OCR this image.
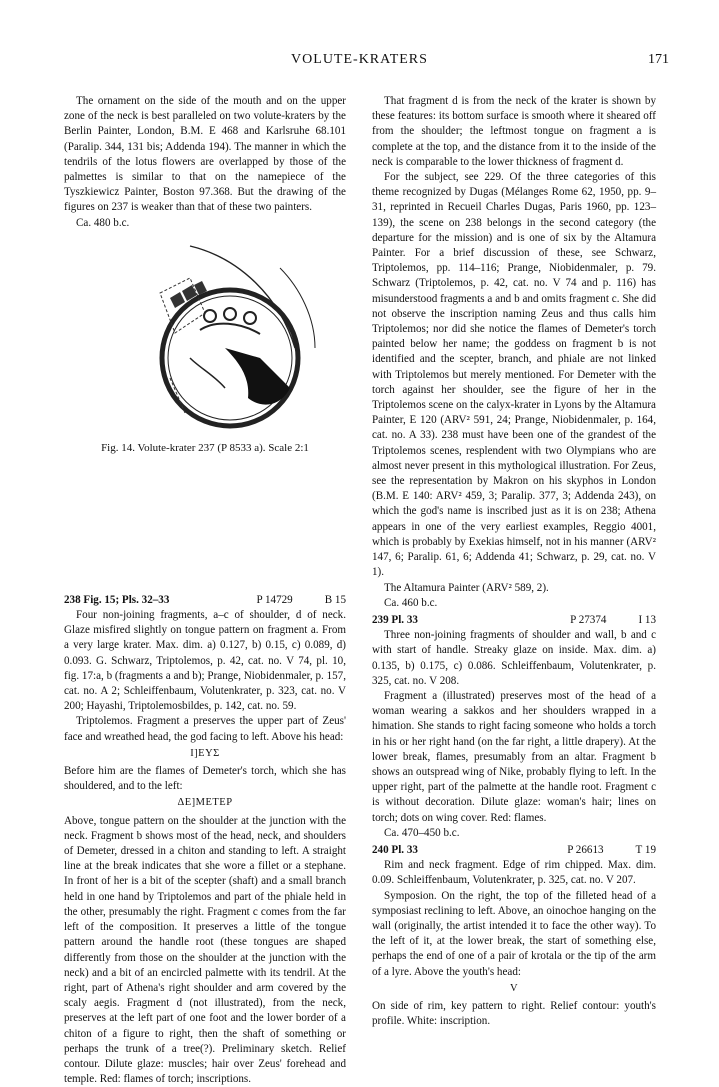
VOLUTE-KRATERS	171

The ornament on the side of the mouth and on the upper zone of the neck is best paralleled on two volute-kraters by the Berlin Painter, London, B.M. E 468 and Karlsruhe 68.101 (Paralip. 344, 131 bis; Addenda 194). The manner in which the tendrils of the lotus flowers are overlapped by those of the palmettes is similar to that on the namepiece of the Tyszkiewicz Painter, Boston 97.368. But the drawing of the figures on 237 is weaker than that of these two painters.

Ca. 480 b.c.

238 Fig. 15; Pls. 32–33	P 14729	B 15

Four non-joining fragments, a–c of shoulder, d of neck. Glaze misfired slightly on tongue pattern on fragment a. From a very large krater. Max. dim. a) 0.127, b) 0.15, c) 0.089, d) 0.093. G. Schwarz, Triptolemos, p. 42, cat. no. V 74, pl. 10, fig. 17:a, b (fragments a and b); Prange, Niobidenmaler, p. 157, cat. no. A 2; Schleiffenbaum, Volutenkrater, p. 323, cat. no. V 200; Hayashi, Triptolemosbildes, p. 142, cat. no. 59.

Triptolemos. Fragment a preserves the upper part of Zeus' face and wreathed head, the god facing to left. Above his head:

I]EYΣ

Before him are the flames of Demeter's torch, which she has shouldered, and to the left:

ΔE]METEP

Above, tongue pattern on the shoulder at the junction with the neck. Fragment b shows most of the head, neck, and shoulders of Demeter, dressed in a chiton and standing to left. A straight line at the break indicates that she wore a fillet or a stephane. In front of her is a bit of the scepter (shaft) and a small branch held in one hand by Triptolemos and part of the phiale held in the other, presumably the right. Fragment c comes from the far left of the composition. It preserves a little of the tongue pattern around the handle root (these tongues are shaped differently from those on the shoulder at the junction with the neck) and a bit of an encircled palmette with its tendril. At the right, part of Athena's right shoulder and arm covered by the scaly aegis. Fragment d (not illustrated), from the neck, preserves at the left part of one foot and the lower border of a chiton of a figure to right, then the shaft of something or perhaps the trunk of a tree(?). Preliminary sketch. Relief contour. Dilute glaze: muscles; hair over Zeus' forehead and temple. Red: flames of torch; inscriptions.

Fig. 14. Volute-krater 237 (P 8533 a). Scale 2:1

That fragment d is from the neck of the krater is shown by these features: its bottom surface is smooth where it sheared off from the shoulder; the leftmost tongue on fragment a is complete at the top, and the distance from it to the inside of the neck is comparable to the lower thickness of fragment d.

For the subject, see 229. Of the three categories of this theme recognized by Dugas (Mélanges Rome 62, 1950, pp. 9–31, reprinted in Recueil Charles Dugas, Paris 1960, pp. 123–139), the scene on 238 belongs in the second category (the departure for the mission) and is one of six by the Altamura Painter. For a brief discussion of these, see Schwarz, Triptolemos, pp. 114–116; Prange, Niobidenmaler, p. 79. Schwarz (Triptolemos, p. 42, cat. no. V 74 and p. 116) has misunderstood fragments a and b and omits fragment c. She did not observe the inscription naming Zeus and thus calls him Triptolemos; nor did she notice the flames of Demeter's torch painted below her name; the goddess on fragment b is not identified and the scepter, branch, and phiale are not linked with Triptolemos but merely mentioned. For Demeter with the torch against her shoulder, see the figure of her in the Triptolemos scene on the calyx-krater in Lyons by the Altamura Painter, E 120 (ARV² 591, 24; Prange, Niobidenmaler, p. 164, cat. no. A 33). 238 must have been one of the grandest of the Triptolemos scenes, resplendent with two Olympians who are almost never present in this mythological illustration. For Zeus, see the representation by Makron on his skyphos in London (B.M. E 140: ARV² 459, 3; Paralip. 377, 3; Addenda 243), on which the god's name is inscribed just as it is on 238; Athena appears in one of the very earliest examples, Reggio 4001, which is probably by Exekias himself, not in his manner (ARV² 147, 6; Paralip. 61, 6; Addenda 41; Schwarz, p. 29, cat. no. V 1).

The Altamura Painter (ARV² 589, 2).

Ca. 460 b.c.

239 Pl. 33	P 27374	I 13

Three non-joining fragments of shoulder and wall, b and c with start of handle. Streaky glaze on inside. Max. dim. a) 0.135, b) 0.175, c) 0.086. Schleiffenbaum, Volutenkrater, p. 325, cat. no. V 208.

Fragment a (illustrated) preserves most of the head of a woman wearing a sakkos and her shoulders wrapped in a himation. She stands to right facing someone who holds a torch in his or her right hand (on the far right, a little drapery). At the lower break, flames, presumably from an altar. Fragment b shows an outspread wing of Nike, probably flying to left. In the upper right, part of the palmette at the handle root. Fragment c is without decoration. Dilute glaze: woman's hair; lines on torch; dots on wing cover. Red: flames.

Ca. 470–450 b.c.

240 Pl. 33	P 26613	T 19

Rim and neck fragment. Edge of rim chipped. Max. dim. 0.09. Schleiffenbaum, Volutenkrater, p. 325, cat. no. V 207.

Symposion. On the right, the top of the filleted head of a symposiast reclining to left. Above, an oinochoe hanging on the wall (originally, the artist intended it to face the other way). To the left of it, at the lower break, the start of something else, perhaps the end of one of a pair of krotala or the tip of the arm of a lyre. Above the youth's head:

V

On side of rim, key pattern to right. Relief contour: youth's profile. White: inscription.
